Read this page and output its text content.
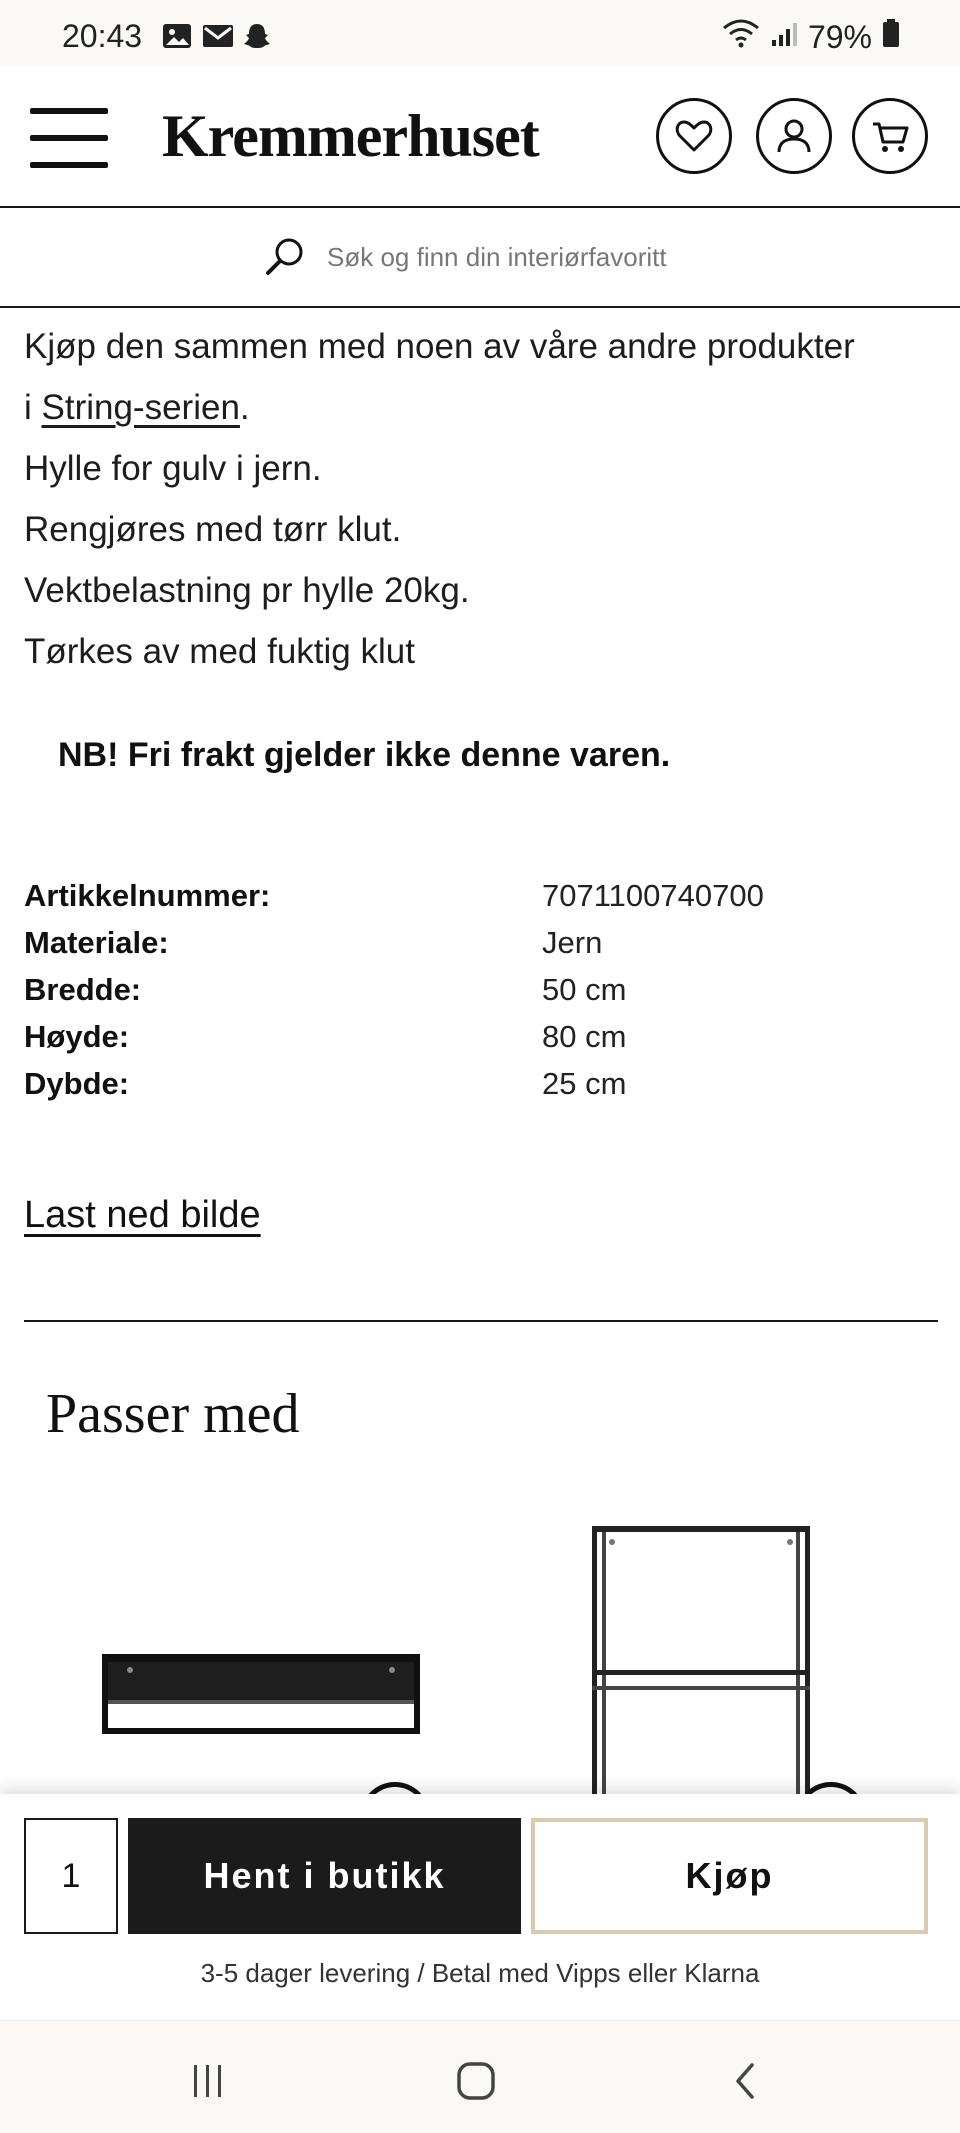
20:43	79%
Kremmerhuset
Søk og finn din interiørfavoritt
Kjøp den sammen med noen av våre andre produkter
i String-serien.
Hylle for gulv i jern.
Rengjøres med tørr klut.
Vektbelastning pr hylle 20kg.
Tørkes av med fuktig klut
NB! Fri frakt gjelder ikke denne varen.
Artikkelnummer:	7071100740700
Materiale:	Jern
Bredde:	50 cm
Høyde:	80 cm
Dybde:	25 cm
Last ned bilde
Passer med
1
Hent i butikk	Kjøp
3-5 dager levering / Betal med Vipps eller Klarna
